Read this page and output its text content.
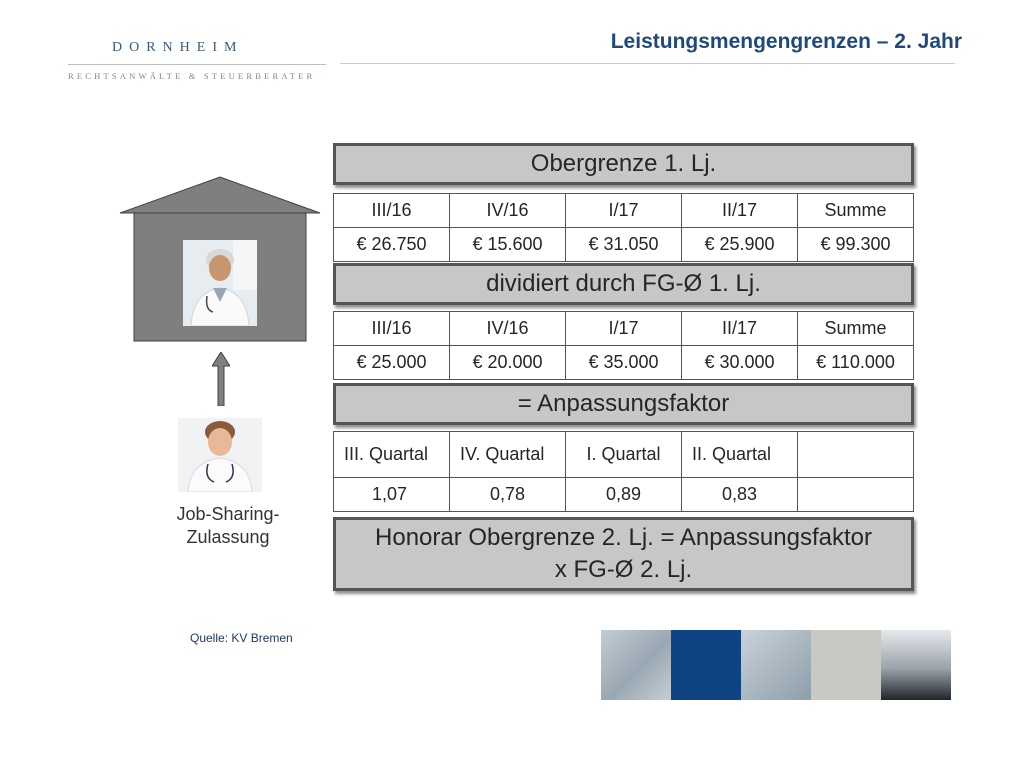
DORNHEIM
RECHTSANWÄLTE & STEUERBERATER
Leistungsmengengrenzen – 2. Jahr
Job-Sharing-
Zulassung
Quelle: KV Bremen
Obergrenze 1. Lj.
III/16	IV/16	I/17	II/17	Summe
€ 26.750	€ 15.600	€ 31.050	€ 25.900	€ 99.300
dividiert durch FG-Ø 1. Lj.
III/16	IV/16	I/17	II/17	Summe
€ 25.000	€ 20.000	€ 35.000	€ 30.000	€ 110.000
= Anpassungsfaktor
III. Quartal	IV. Quartal	I. Quartal	II. Quartal	
1,07	0,78	0,89	0,83	
Honorar Obergrenze 2. Lj. = Anpassungsfaktor
x FG-Ø 2. Lj.
